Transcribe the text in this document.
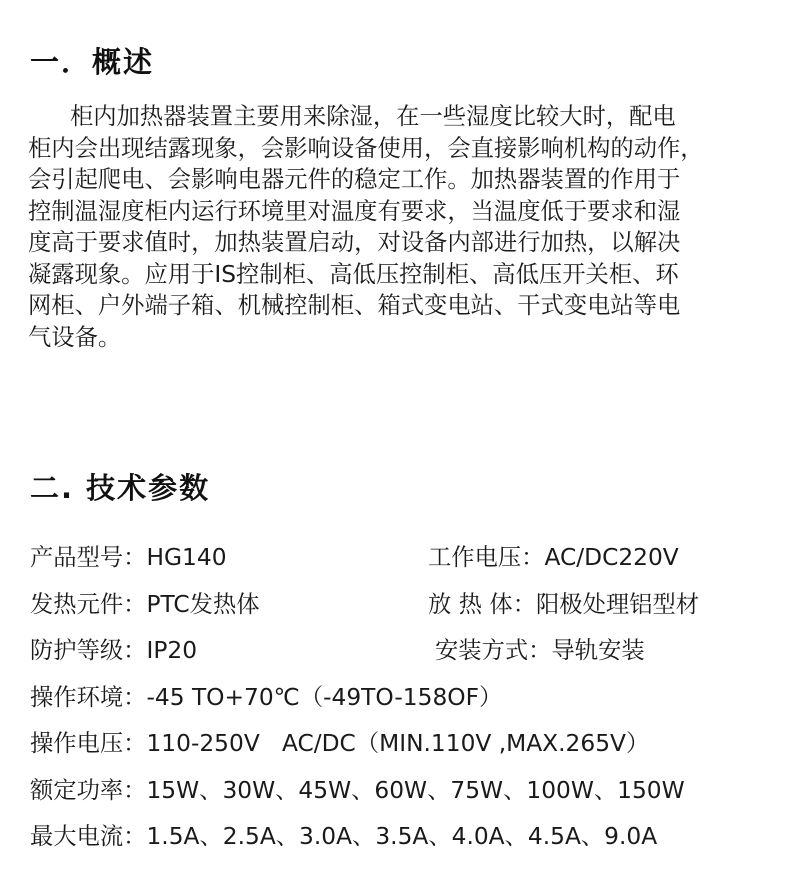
一．概述

柜内加热器装置主要用来除湿，在一些湿度比较大时，配电
柜内会出现结露现象，会影响设备使用，会直接影响机构的动作，
会引起爬电、会影响电器元件的稳定工作。加热器装置的作用于
控制温湿度柜内运行环境里对温度有要求，当温度低于要求和湿
度高于要求值时，加热装置启动，对设备内部进行加热，以解决
凝露现象。应用于IS控制柜、高低压控制柜、高低压开关柜、环
网柜、户外端子箱、机械控制柜、箱式变电站、干式变电站等电
气设备。

二. 技术参数
产品型号： HG140	工作电压： AC/DC220V
发热元件： PTC发热体	放 热 体： 阳极处理铝型材
防护等级： IP20	安装方式： 导轨安装
操作环境： -45 TO+70℃（-49TO-158OF）
操作电压： 110-250V   AC/DC（MIN.110V ,MAX.265V）
额定功率： 15W、30W、45W、60W、75W、100W、150W
最大电流： 1.5A、2.5A、3.0A、3.5A、4.0A、4.5A、9.0A
